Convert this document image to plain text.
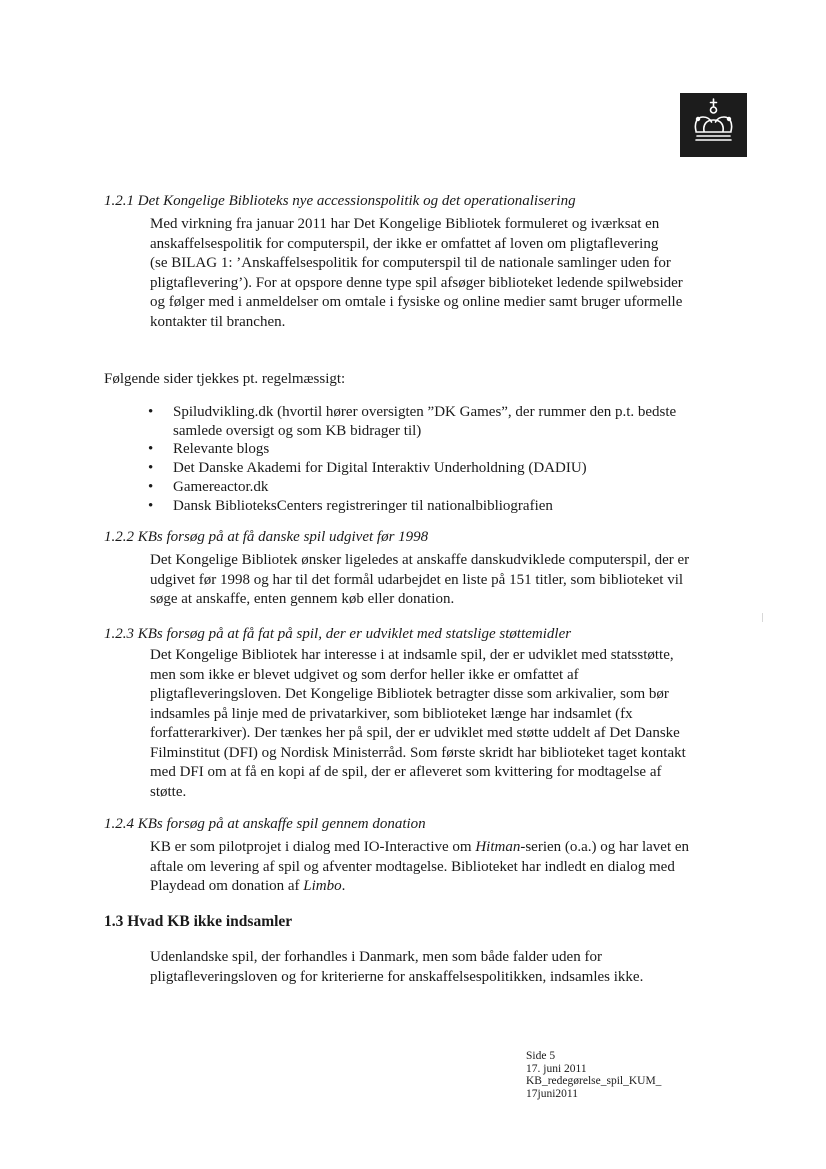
1.2.1 Det Kongelige Biblioteks nye accessionspolitik og det operationalisering

Med virkning fra januar 2011 har Det Kongelige Bibliotek formuleret og iværksat en anskaffelsespolitik for computerspil, der ikke er omfattet af loven om pligtaflevering

(se BILAG 1: ’Anskaffelsespolitik for computerspil til de nationale samlinger uden for pligtaflevering’). For at opspore denne type spil afsøger biblioteket ledende spilwebsider og følger med i anmeldelser om omtale i fysiske og online medier samt bruger uformelle kontakter til branchen.

Følgende sider tjekkes pt. regelmæssigt:
• Spiludvikling.dk (hvortil hører oversigten ”DK Games”, der rummer den p.t. bedste samlede oversigt og som KB bidrager til)
• Relevante blogs
• Det Danske Akademi for Digital Interaktiv Underholdning (DADIU)
• Gamereactor.dk
• Dansk BiblioteksCenters registreringer til nationalbibliografien
1.2.2 KBs forsøg på at få danske spil udgivet før 1998

Det Kongelige Bibliotek ønsker ligeledes at anskaffe danskudviklede computerspil, der er udgivet før 1998 og har til det formål udarbejdet en liste på 151 titler, som biblioteket vil søge at anskaffe, enten gennem køb eller donation.

1.2.3 KBs forsøg på at få fat på spil, der er udviklet med statslige støttemidler

Det Kongelige Bibliotek har interesse i at indsamle spil, der er udviklet med statsstøtte, men som ikke er blevet udgivet og som derfor heller ikke er omfattet af pligtafleveringsloven. Det Kongelige Bibliotek betragter disse som arkivalier, som bør indsamles på linje med de privatarkiver, som biblioteket længe har indsamlet (fx forfatterarkiver). Der tænkes her på spil, der er udviklet med støtte uddelt af Det Danske Filminstitut (DFI) og Nordisk Ministerråd. Som første skridt har biblioteket taget kontakt med DFI om at få en kopi af de spil, der er afleveret som kvittering for modtagelse af støtte.

1.2.4 KBs forsøg på at anskaffe spil gennem donation

KB er som pilotprojet i dialog med IO-Interactive om Hitman-serien (o.a.) og har lavet en aftale om levering af spil og afventer modtagelse. Biblioteket har indledt en dialog med Playdead om donation af Limbo.

1.3 Hvad KB ikke indsamler

Udenlandske spil, der forhandles i Danmark, men som både falder uden for pligtafleveringsloven og for kriterierne for anskaffelsespolitikken, indsamles ikke.

Side 5
17. juni 2011
KB_redegørelse_spil_KUM_
17juni2011
